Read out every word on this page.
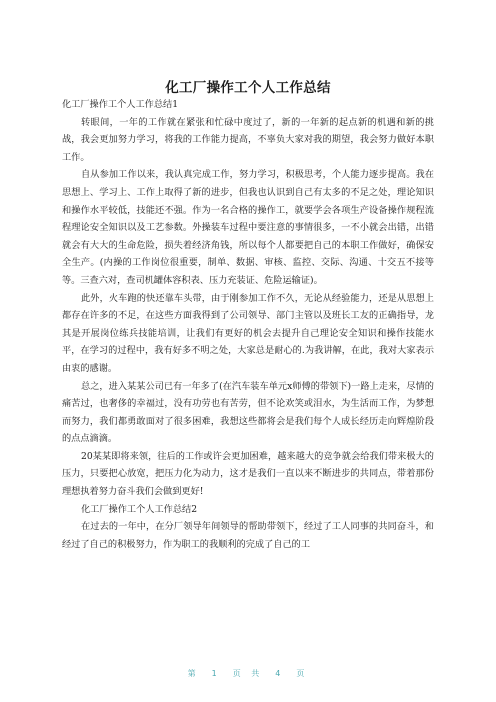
化工厂操作工个人工作总结

化工厂操作工个人工作总结1

转眼间，一年的工作就在紧张和忙碌中度过了，新的一年新的起点新的机遇和新的挑战，我会更加努力学习，将我的工作能力提高，不辜负大家对我的期望，我会努力做好本职工作。

自从参加工作以来，我认真完成工作，努力学习，积极思考，个人能力逐步提高。我在思想上、学习上、工作上取得了新的进步，但我也认识到自己有太多的不足之处，理论知识和操作水平较低，技能还不强。作为一名合格的操作工，就要学会各项生产设备操作规程流程理论安全知识以及工艺参数。外操装车过程中要注意的事情很多，一不小就会出错，出错就会有大大的生命危险，损失着经济角钱，所以每个人都要把自己的本职工作做好，确保安全生产。(内操的工作岗位很重要，制单、数据、审核、监控、交际、沟通、十交五不接等等。三查六对，查司机罐体容积表、压力充装证、危险运输证)。

此外，火车跑的快还靠车头带，由于刚参加工作不久，无论从经验能力，还是从思想上都存在许多的不足，在这些方面我得到了公司领导、部门主管以及班长工友的正确指导，龙其是开展岗位练兵技能培训，让我们有更好的机会去提升自己理论安全知识和操作技能水平，在学习的过程中，我有好多不明之处，大家总是耐心的.为我讲解，在此，我对大家表示由衷的感谢。

总之，进入某某公司已有一年多了(在汽车装车单元x师傅的带领下)一路上走来，尽情的痛苦过，也奢侈的幸福过，没有功劳也有苦劳，但不论欢笑或泪水，为生活而工作，为梦想而努力，我们都勇敢面对了很多困难，我想这些都将会是我们每个人成长经历走向辉煌阶段的点点滴滴。

20某某即将来领，往后的工作或许会更加困难，越来越大的竞争就会给我们带来极大的压力，只要把心放宽，把压力化为动力，这才是我们一直以来不断进步的共同点，带着那份理想执着努力奋斗我们会做到更好!

化工厂操作工个人工作总结2

在过去的一年中，在分厂领导年间领导的帮助带领下，经过了工人同事的共同奋斗，和经过了自己的积极努力，作为职工的我顺利的完成了自己的工

第　1　页 共　4　页
